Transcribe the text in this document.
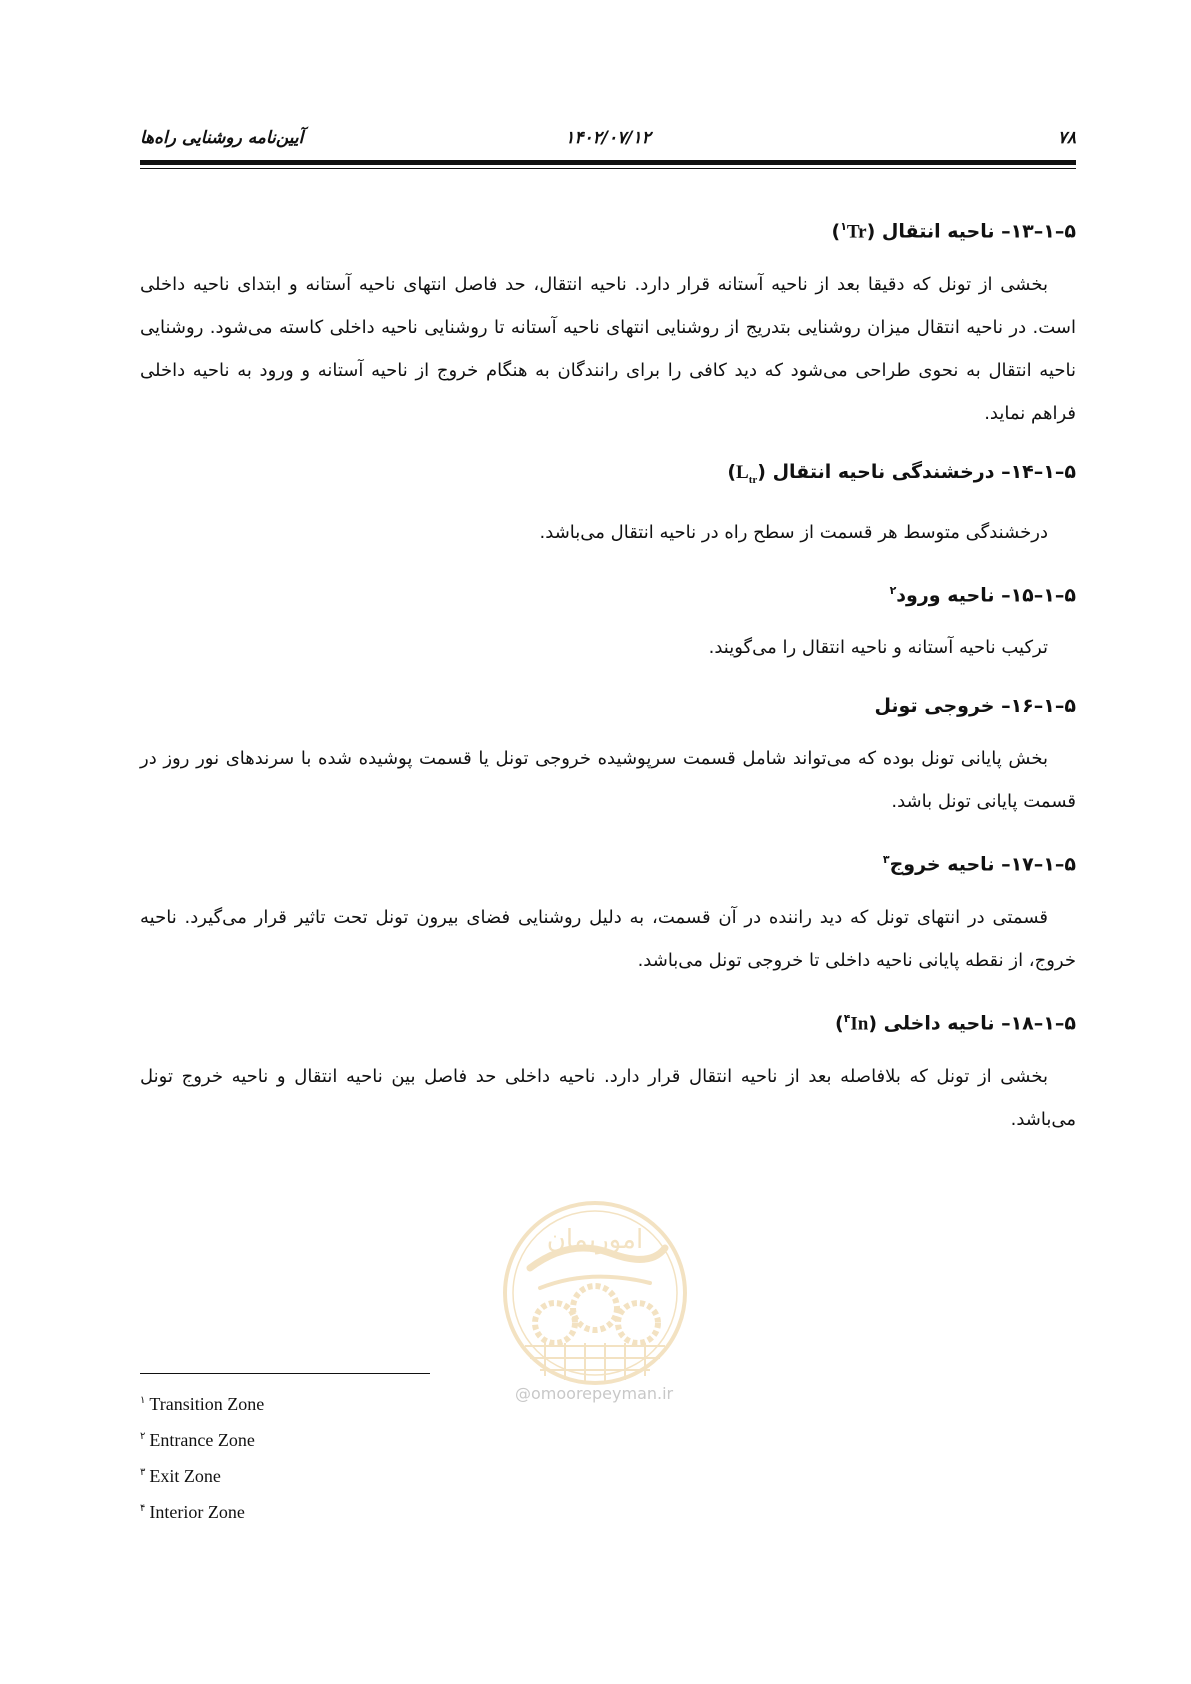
۷۸
۱۴۰۲/۰۷/۱۲
آیین‌نامه روشنایی راه‌ها
۵–۱–۱۳– ناحیه انتقال (Tr$^۱$)

بخشی از تونل که دقیقا بعد از ناحیه آستانه قرار دارد. ناحیه انتقال، حد فاصل انتهای ناحیه آستانه و ابتدای ناحیه داخلی است. در ناحیه انتقال میزان روشنایی بتدریج از روشنایی انتهای ناحیه آستانه تا روشنایی ناحیه داخلی کاسته می‌شود. روشنایی ناحیه انتقال به نحوی طراحی می‌شود که دید کافی را برای رانندگان به هنگام خروج از ناحیه آستانه و ورود به ناحیه داخلی فراهم نماید.

۵–۱–۱۴– درخشندگی ناحیه انتقال $(L_{tr})$

درخشندگی متوسط هر قسمت از سطح راه در ناحیه انتقال می‌باشد.

۵–۱–۱۵– ناحیه ورود$^۲$

ترکیب ناحیه آستانه و ناحیه انتقال را می‌گویند.

۵–۱–۱۶– خروجی تونل

بخش پایانی تونل بوده که می‌تواند شامل قسمت سرپوشیده خروجی تونل یا قسمت پوشیده شده با سرندهای نور روز در قسمت پایانی تونل باشد.

۵–۱–۱۷– ناحیه خروج$^۳$

قسمتی در انتهای تونل که دید راننده در آن قسمت، به دلیل روشنایی فضای بیرون تونل تحت تاثیر قرار می‌گیرد. ناحیه خروج، از نقطه پایانی ناحیه داخلی تا خروجی تونل می‌باشد.

۵–۱–۱۸– ناحیه داخلی (In$^۴$)

بخشی از تونل که بلافاصله بعد از ناحیه انتقال قرار دارد. ناحیه داخلی حد فاصل بین ناحیه انتقال و ناحیه خروج تونل می‌باشد.

اموریمان
@omoorepeyman.ir
$^۱$ Transition Zone
$^۲$ Entrance Zone
$^۳$ Exit Zone
$^۴$ Interior Zone
